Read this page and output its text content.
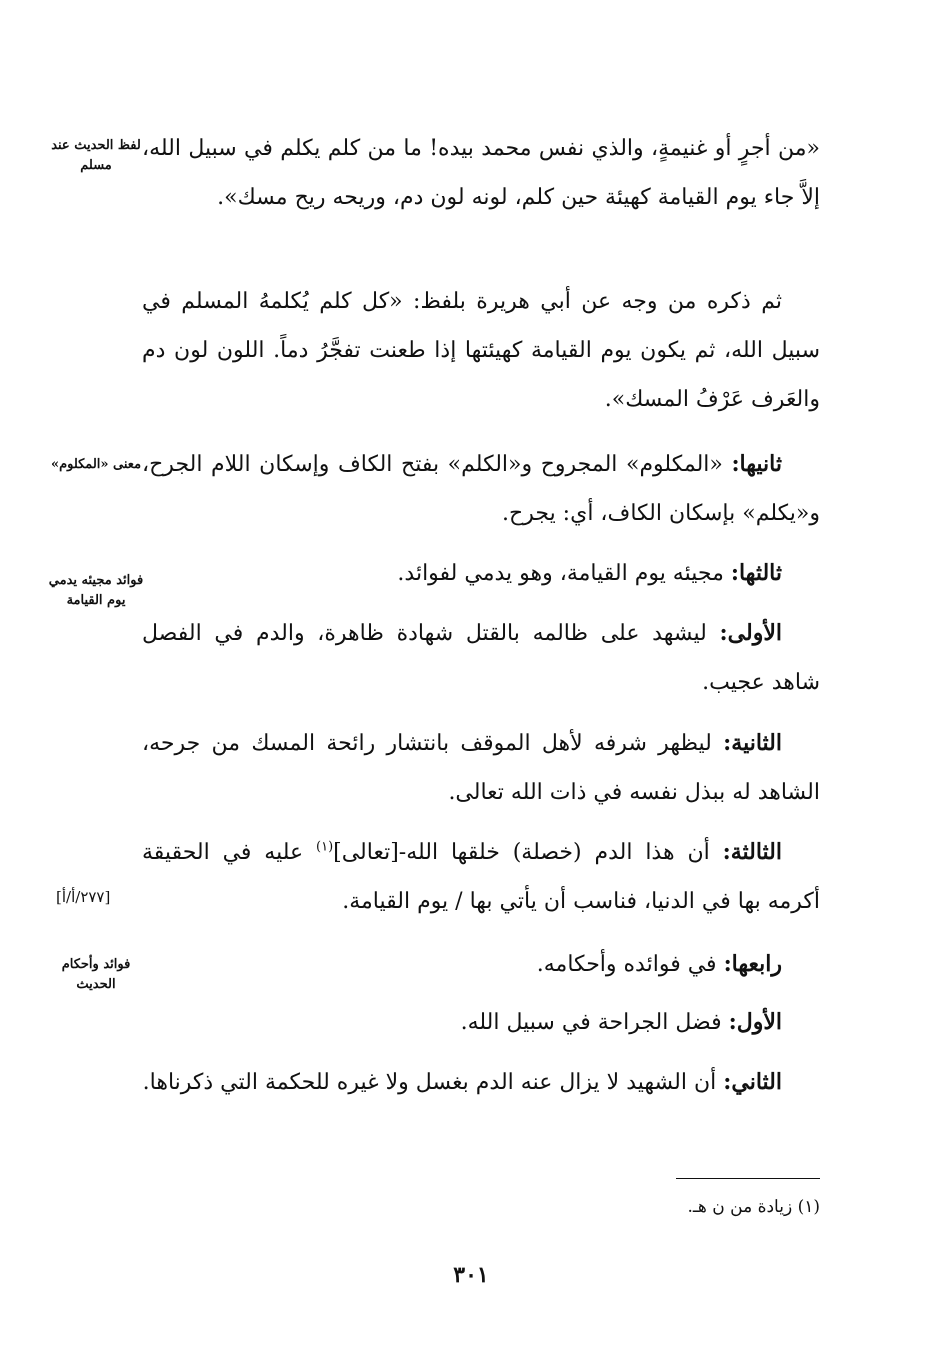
لفظ الحديث عند مسلم

معنى «المكلوم»

فوائد مجيئه يدمي يوم القيامة

فوائد وأحكام الحديث

[٢٧٧/أ/أ]

«من أجرٍ أو غنيمةٍ، والذي نفس محمد بيده! ما من كلم يكلم في سبيل الله، إلاَّ جاء يوم القيامة كهيئة حين كلم، لونه لون دم، وريحه ريح مسك».

ثم ذكره من وجه عن أبي هريرة بلفظ: «كل كلم يُكلمهُ المسلم في سبيل الله، ثم يكون يوم القيامة كهيئتها إذا طعنت تفجَّرُ دماً. اللون لون دم والعَرف عَرْفُ المسك».

ثانيها: «المكلوم» المجروح و«الكلم» بفتح الكاف وإسكان اللام الجرح، و«يكلم» بإسكان الكاف، أي: يجرح.

ثالثها: مجيئه يوم القيامة، وهو يدمي لفوائد.

الأولى: ليشهد على ظالمه بالقتل شهادة ظاهرة، والدم في الفصل شاهد عجيب.

الثانية: ليظهر شرفه لأهل الموقف بانتشار رائحة المسك من جرحه، الشاهد له ببذل نفسه في ذات الله تعالى.

الثالثة: أن هذا الدم (خصلة) خلقها الله-[تعالى]$^{(١)}$ عليه في الحقيقة أكرمه بها في الدنيا، فناسب أن يأتي بها / يوم القيامة.

رابعها: في فوائده وأحكامه.

الأول: فضل الجراحة في سبيل الله.

الثاني: أن الشهيد لا يزال عنه الدم بغسل ولا غيره للحكمة التي ذكرناها.

(١) زيادة من ن هـ.

٣٠١
